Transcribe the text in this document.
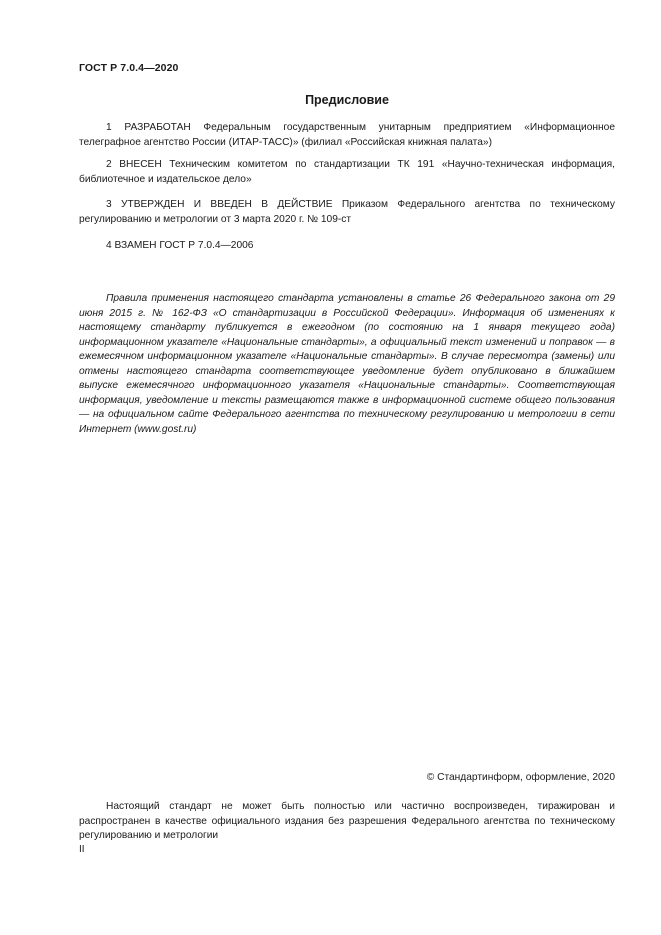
ГОСТ Р 7.0.4—2020
Предисловие

1 РАЗРАБОТАН Федеральным государственным унитарным предприятием «Информационное телеграфное агентство России (ИТАР-ТАСС)» (филиал «Российская книжная палата»)

2 ВНЕСЕН Техническим комитетом по стандартизации ТК 191 «Научно-техническая информация, библиотечное и издательское дело»

3 УТВЕРЖДЕН И ВВЕДЕН В ДЕЙСТВИЕ Приказом Федерального агентства по техническому регулированию и метрологии от 3 марта 2020 г. № 109-ст

4 ВЗАМЕН ГОСТ Р 7.0.4—2006

Правила применения настоящего стандарта установлены в статье 26 Федерального закона от 29 июня 2015 г. № 162-ФЗ «О стандартизации в Российской Федерации». Информация об изменениях к настоящему стандарту публикуется в ежегодном (по состоянию на 1 января текущего года) информационном указателе «Национальные стандарты», а официальный текст изменений и поправок — в ежемесячном информационном указателе «Национальные стандарты». В случае пересмотра (замены) или отмены настоящего стандарта соответствующее уведомление будет опубликовано в ближайшем выпуске ежемесячного информационного указателя «Национальные стандарты». Соответствующая информация, уведомление и тексты размещаются также в информационной системе общего пользования — на официальном сайте Федерального агентства по техническому регулированию и метрологии в сети Интернет (www.gost.ru)

© Стандартинформ, оформление, 2020

Настоящий стандарт не может быть полностью или частично воспроизведен, тиражирован и распространен в качестве официального издания без разрешения Федерального агентства по техническому регулированию и метрологии

II
